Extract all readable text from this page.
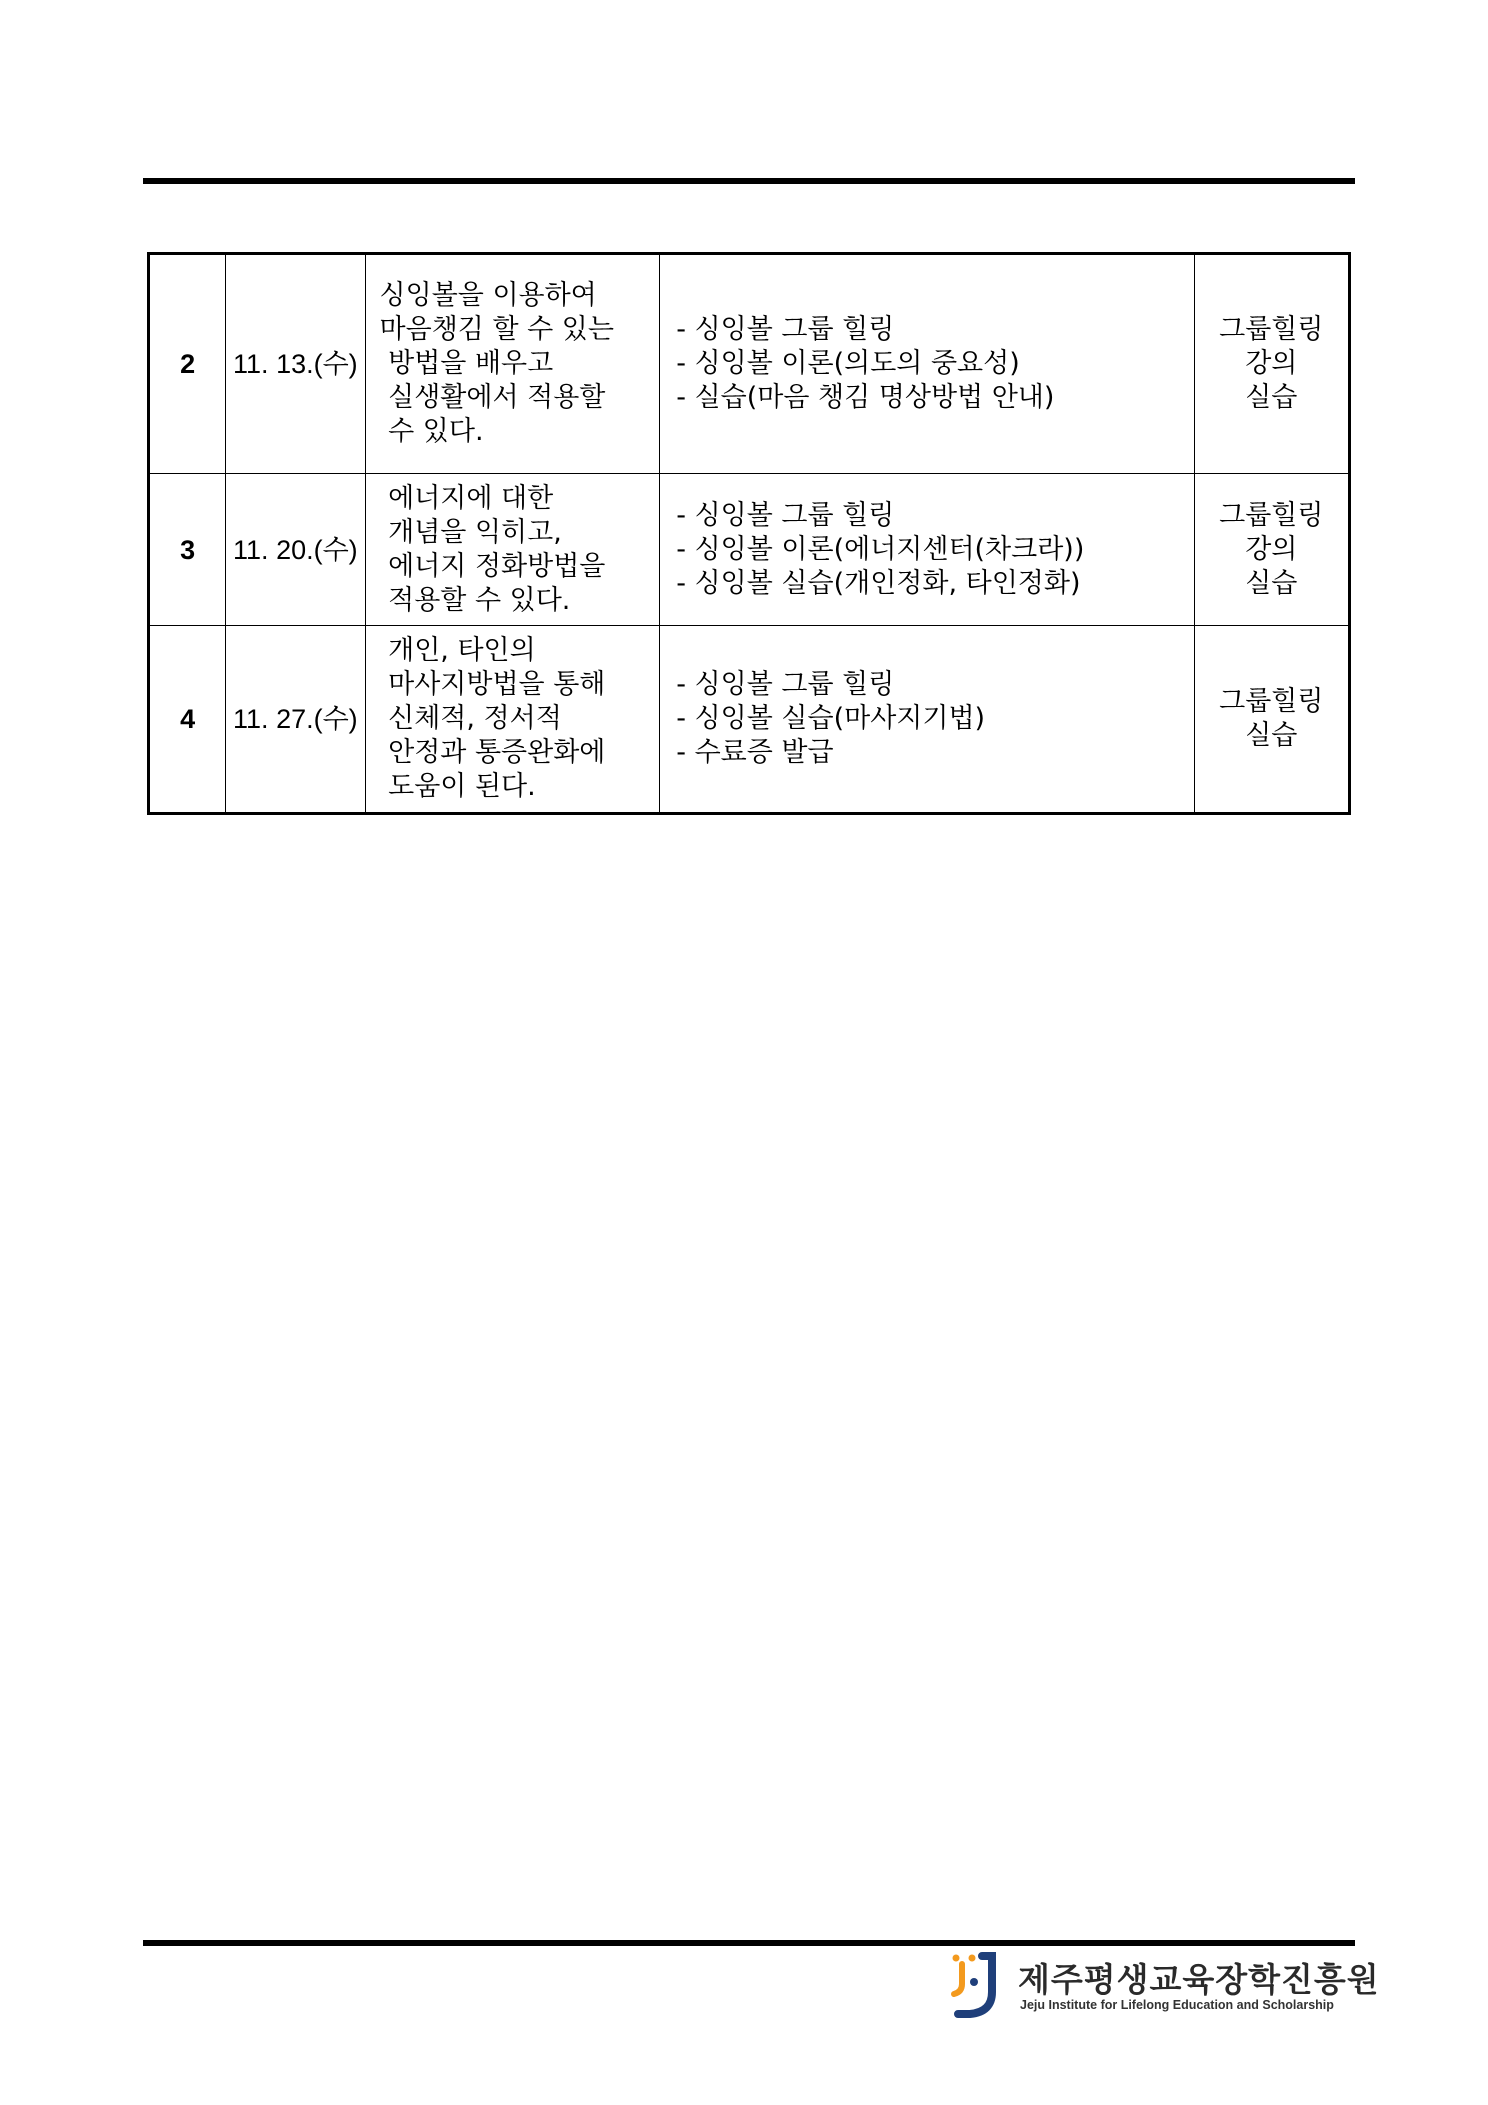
2	11. 13.(수)	싱잉볼을 이용하여
마음챙김 할 수 있는
방법을 배우고
실생활에서 적용할
수 있다.	- 싱잉볼 그룹 힐링
- 싱잉볼 이론(의도의 중요성)
- 실습(마음 챙김 명상방법 안내)	그룹힐링
강의
실습

3	11. 20.(수)	에너지에 대한
개념을 익히고,
에너지 정화방법을
적용할 수 있다.	- 싱잉볼 그룹 힐링
- 싱잉볼 이론(에너지센터(차크라))
- 싱잉볼 실습(개인정화, 타인정화)	그룹힐링
강의
실습

4	11. 27.(수)	개인, 타인의
마사지방법을 통해
신체적, 정서적
안정과 통증완화에
도움이 된다.	- 싱잉볼 그룹 힐링
- 싱잉볼 실습(마사지기법)
- 수료증 발급	그룹힐링
실습
제주평생교육장학진흥원
Jeju Institute for Lifelong Education and Scholarship
